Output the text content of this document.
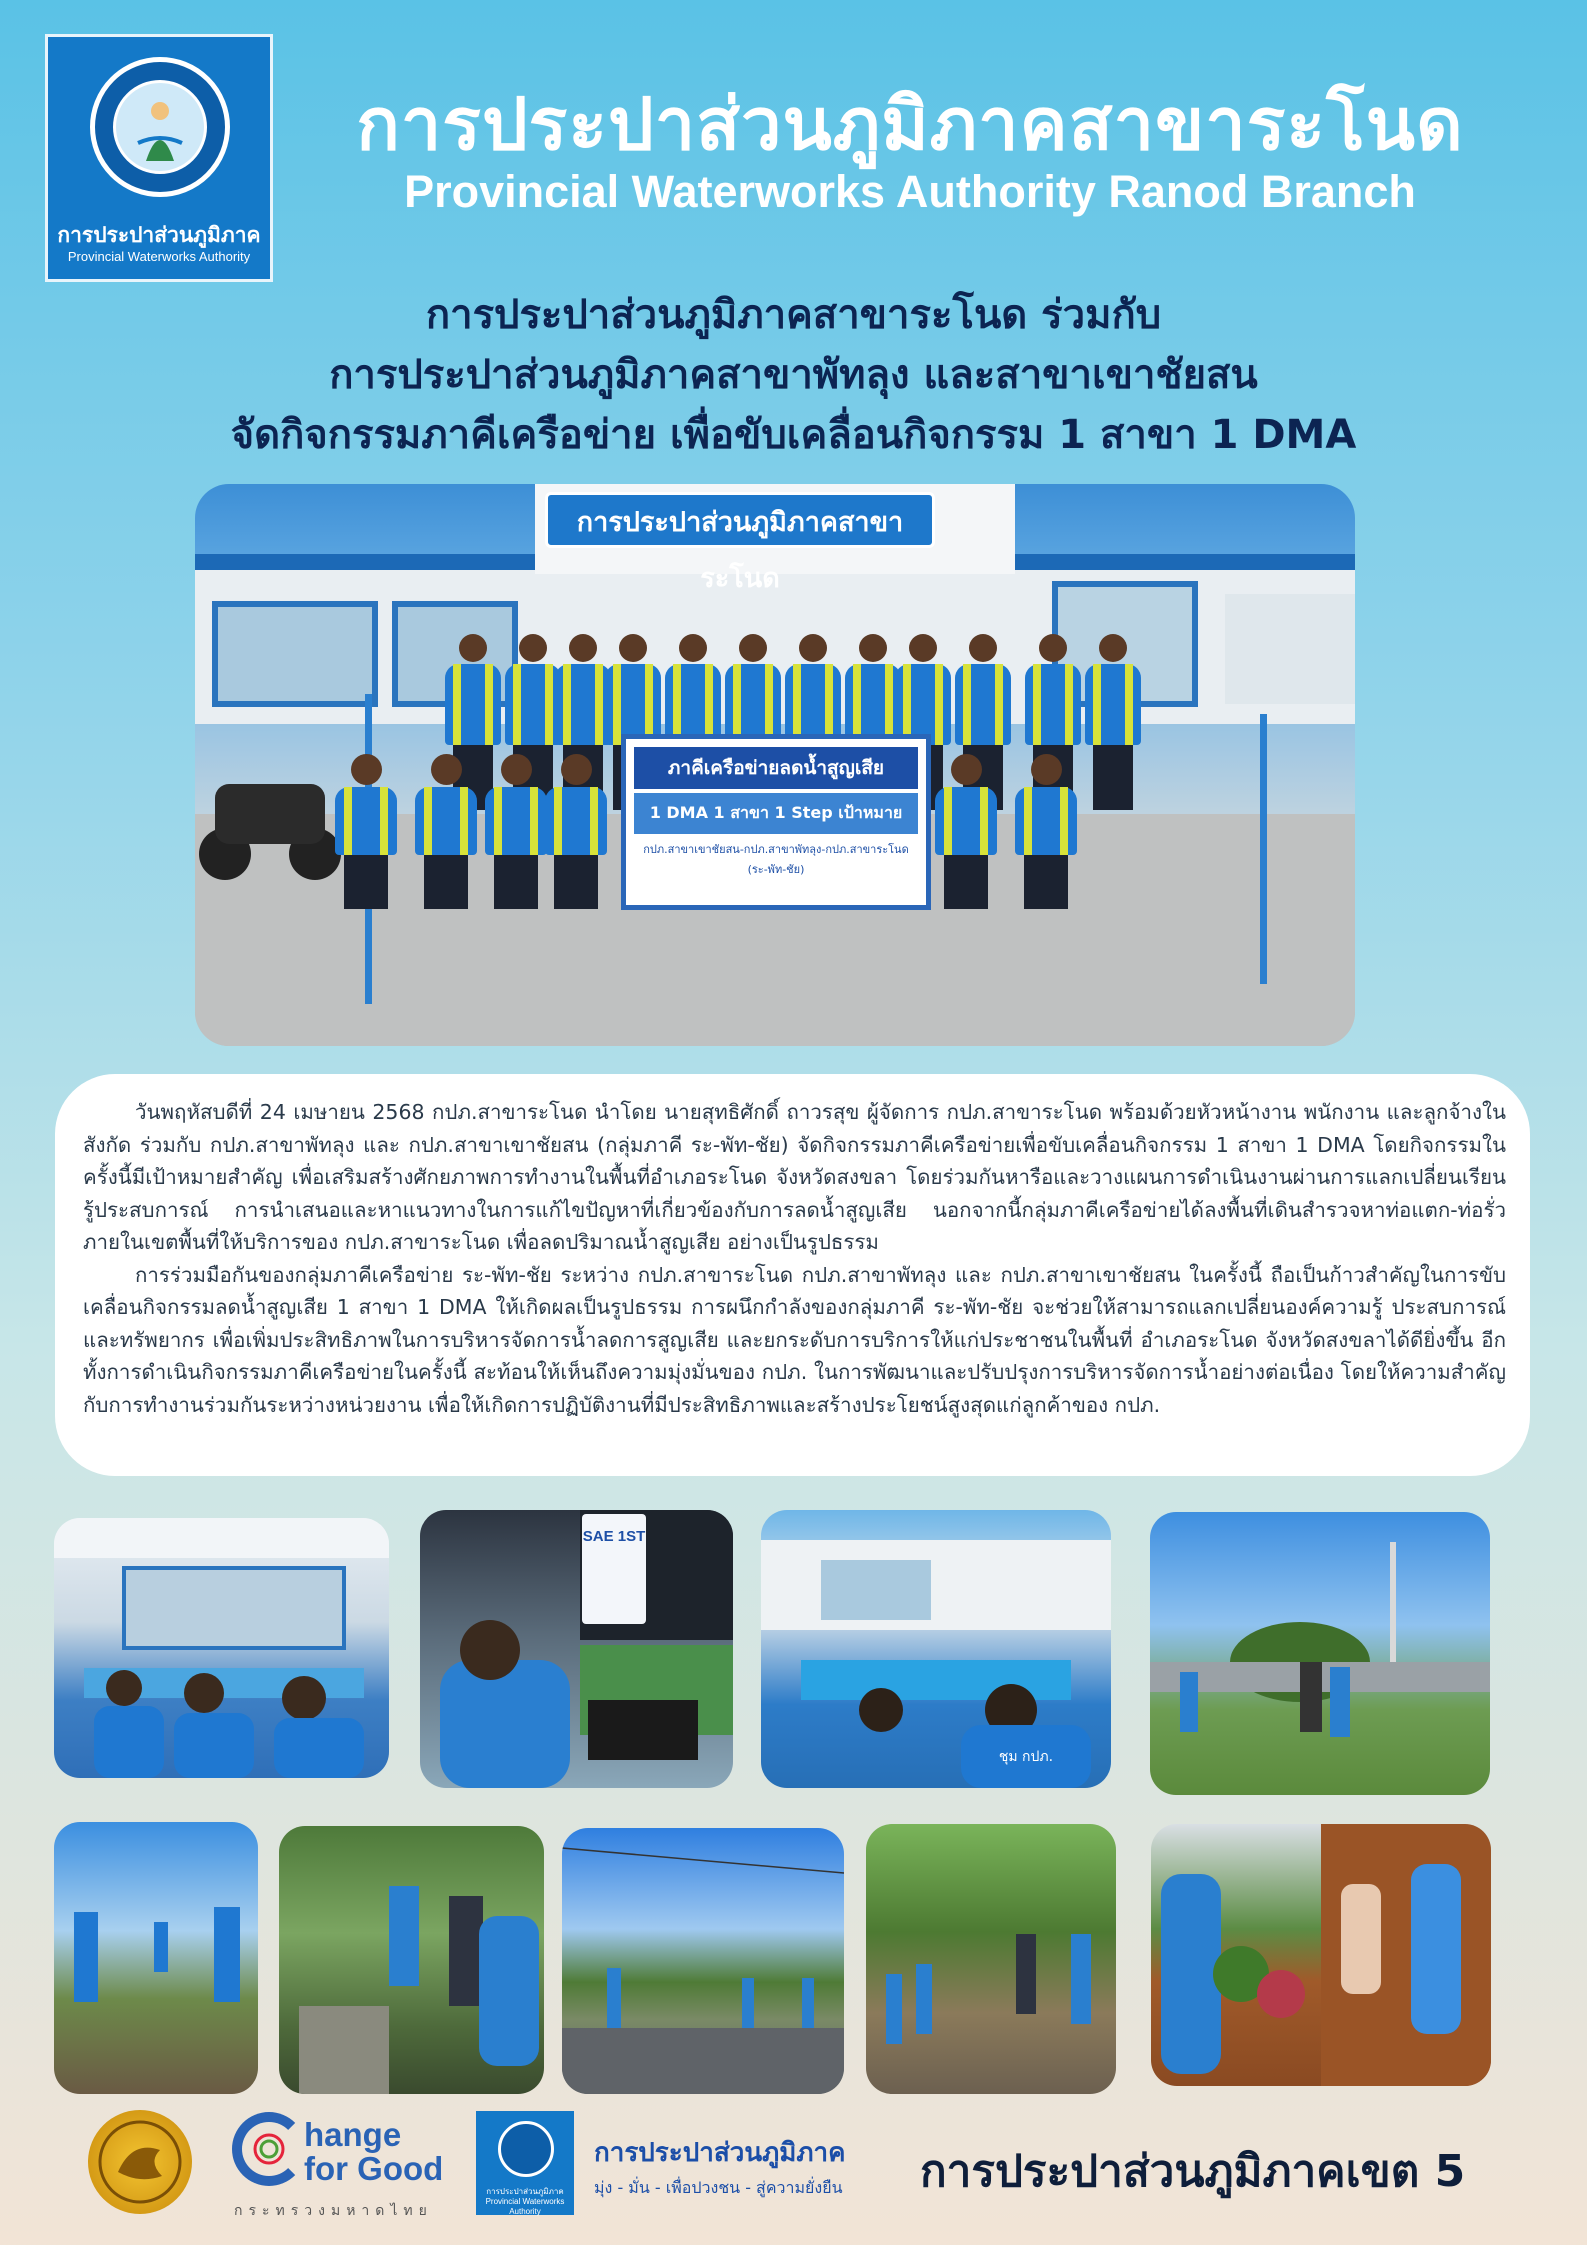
การประปาส่วนภูมิภาค
Provincial Waterworks Authority
การประปาส่วนภูมิภาคสาขาระโนด
Provincial Waterworks Authority Ranod Branch
การประปาส่วนภูมิภาคสาขาระโนด ร่วมกับ
การประปาส่วนภูมิภาคสาขาพัทลุง และสาขาเขาชัยสน
จัดกิจกรรมภาคีเครือข่าย เพื่อขับเคลื่อนกิจกรรม 1 สาขา 1 DMA
การประปาส่วนภูมิภาคสาขาระโนด
ภาคีเครือข่ายลดน้ำสูญเสีย
1 DMA 1 สาขา 1 Step เป้าหมาย
กปภ.สาขาเขาชัยสน-กปภ.สาขาพัทลุง-กปภ.สาขาระโนด
(ระ-พัท-ชัย)

วันพฤหัสบดีที่ 24 เมษายน 2568 กปภ.สาขาระโนด นำโดย นายสุทธิศักดิ์ ถาวรสุข ผู้จัดการ กปภ.สาขาระโนด พร้อมด้วยหัวหน้างาน พนักงาน และลูกจ้างในสังกัด ร่วมกับ กปภ.สาขาพัทลุง และ กปภ.สาขาเขาชัยสน (กลุ่มภาคี ระ-พัท-ชัย) จัดกิจกรรมภาคีเครือข่ายเพื่อขับเคลื่อนกิจกรรม 1 สาขา 1 DMA โดยกิจกรรมในครั้งนี้มีเป้าหมายสำคัญ เพื่อเสริมสร้างศักยภาพการทำงานในพื้นที่อำเภอระโนด จังหวัดสงขลา โดยร่วมกันหารือและวางแผนการดำเนินงานผ่านการแลกเปลี่ยนเรียนรู้ประสบการณ์ การนำเสนอและหาแนวทางในการแก้ไขปัญหาที่เกี่ยวข้องกับการลดน้ำสูญเสีย นอกจากนี้กลุ่มภาคีเครือข่ายได้ลงพื้นที่เดินสำรวจหาท่อแตก-ท่อรั่ว ภายในเขตพื้นที่ให้บริการของ กปภ.สาขาระโนด เพื่อลดปริมาณน้ำสูญเสีย อย่างเป็นรูปธรรม

การร่วมมือกันของกลุ่มภาคีเครือข่าย ระ-พัท-ชัย ระหว่าง กปภ.สาขาระโนด กปภ.สาขาพัทลุง และ กปภ.สาขาเขาชัยสน ในครั้งนี้ ถือเป็นก้าวสำคัญในการขับเคลื่อนกิจกรรมลดน้ำสูญเสีย 1 สาขา 1 DMA ให้เกิดผลเป็นรูปธรรม การผนึกกำลังของกลุ่มภาคี ระ-พัท-ชัย จะช่วยให้สามารถแลกเปลี่ยนองค์ความรู้ ประสบการณ์ และทรัพยากร เพื่อเพิ่มประสิทธิภาพในการบริหารจัดการน้ำลดการสูญเสีย และยกระดับการบริการให้แก่ประชาชนในพื้นที่ อำเภอระโนด จังหวัดสงขลาได้ดียิ่งขึ้น อีกทั้งการดำเนินกิจกรรมภาคีเครือข่ายในครั้งนี้ สะท้อนให้เห็นถึงความมุ่งมั่นของ กปภ. ในการพัฒนาและปรับปรุงการบริหารจัดการน้ำอย่างต่อเนื่อง โดยให้ความสำคัญกับการทำงานร่วมกันระหว่างหน่วยงาน เพื่อให้เกิดการปฏิบัติงานที่มีประสิทธิภาพและสร้างประโยชน์สูงสุดแก่ลูกค้าของ กปภ.

SAE 1ST
ชุม กปภ.
hange
for Good
กระทรวงมหาดไทย
การประปาส่วนภูมิภาค
Provincial Waterworks Authority
การประปาส่วนภูมิภาค
มุ่ง - มั่น - เพื่อปวงชน - สู่ความยั่งยืน การประปาส่วนภูมิภาคเขต 5
